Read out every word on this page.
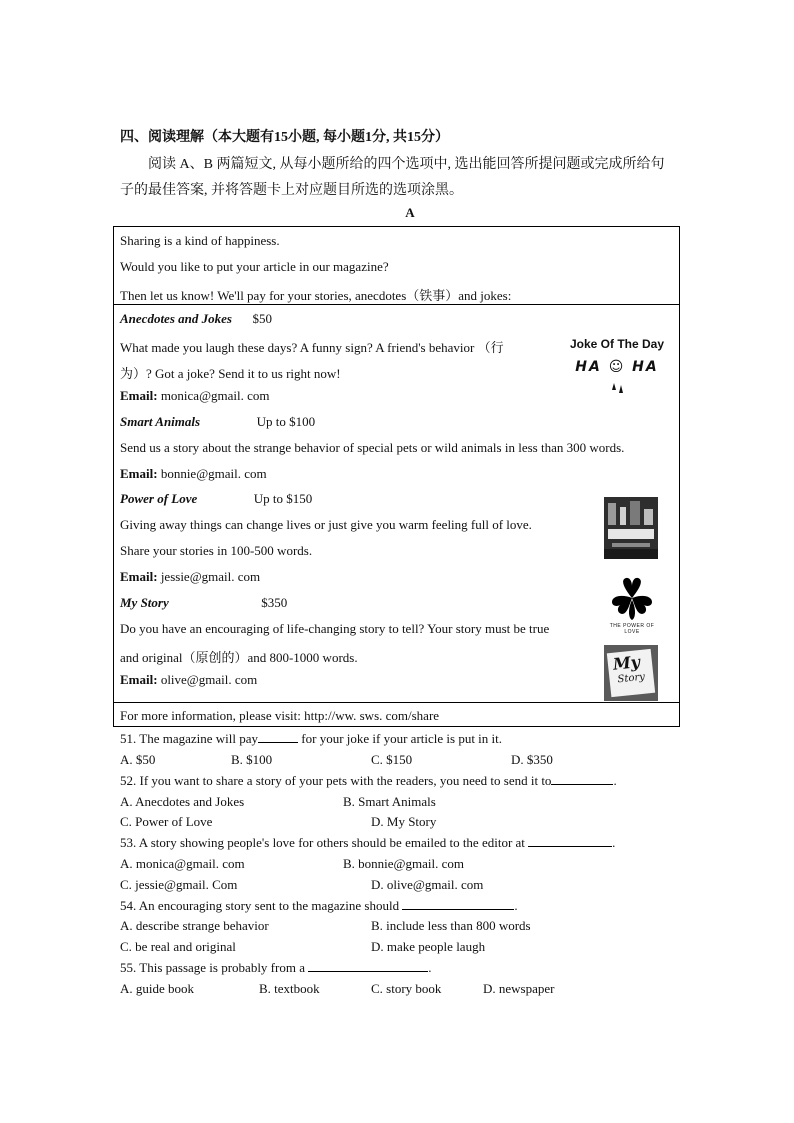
四、阅读理解（本大题有15小题, 每小题1分, 共15分）
阅读 A、B 两篇短文, 从每小题所给的四个选项中, 选出能回答所提问题或完成所给句
子的最佳答案, 并将答题卡上对应题目所选的选项涂黑。
A
Sharing is a kind of happiness.
Would you like to put your article in our magazine?
Then let us know! We'll pay for your stories, anecdotes（铁事）and jokes:
Anecdotes and Jokes $50
What made you laugh these days? A funny sign? A friend's behavior （行
为）? Got a joke? Send it to us right now!
Email: monica@gmail. com
Smart Animals	Up to $100
Send us a story about the strange behavior of special pets or wild animals in less than 300 words.
Email: bonnie@gmail. com
Power of Love	Up to $150
Giving away things can change lives or just give you warm feeling full of love.
Share your stories in 100-500 words.
Email: jessie@gmail. com
My Story	$350
Do you have an encouraging of life-changing story to tell? Your story must be true
and original（原创的）and 800-1000 words.
Email: olive@gmail. com
For more information, please visit: http://ww. sws. com/share
Joke Of The Day
HA ☺ HA
THE POWER OF LOVE
My
Story
51. The magazine will pay	for your joke if your article is put in it.
A. $50	B. $100	C. $150	D. $350
52. If you want to share a story of your pets with the readers, you need to send it to	.
A. Anecdotes and Jokes	B. Smart Animals
C. Power of Love	D. My Story
53. A story showing people's love for others should be emailed to the editor at	.
A. monica@gmail. com	B. bonnie@gmail. com
C. jessie@gmail. Com	D. olive@gmail. com
54. An encouraging story sent to the magazine should	.
A. describe strange behavior	B. include less than 800 words
C. be real and original	D. make people laugh
55. This passage is probably from a	.
A. guide book	B. textbook	C. story book	D. newspaper
